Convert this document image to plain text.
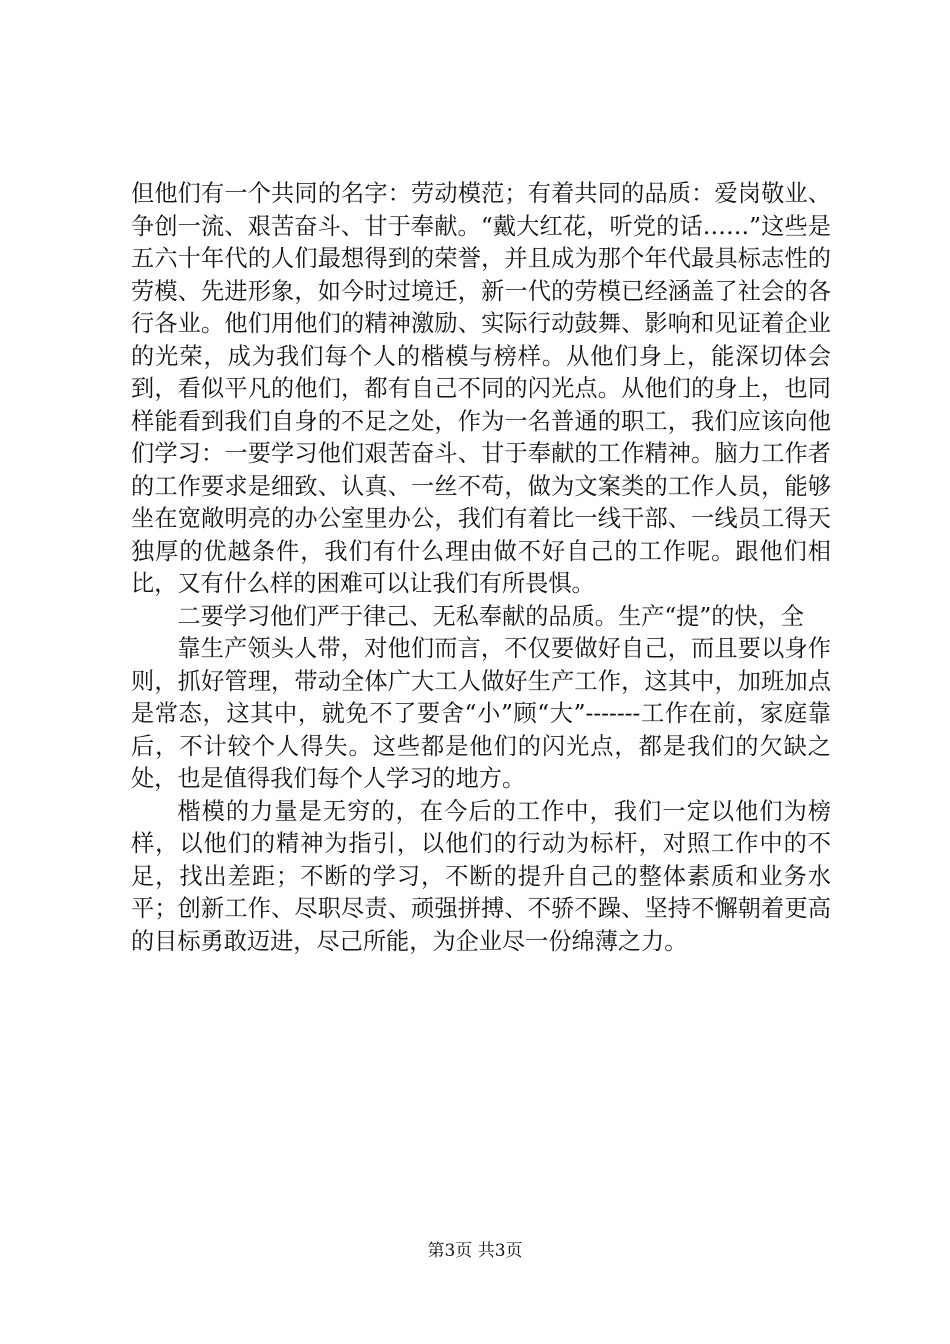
但他们有一个共同的名字：劳动模范；有着共同的品质：爱岗敬业、争创一流、艰苦奋斗、甘于奉献。“戴大红花，听党的话……”这些是五六十年代的人们最想得到的荣誉，并且成为那个年代最具标志性的劳模、先进形象，如今时过境迁，新一代的劳模已经涵盖了社会的各行各业。他们用他们的精神激励、实际行动鼓舞、影响和见证着企业的光荣，成为我们每个人的楷模与榜样。从他们身上，能深切体会到，看似平凡的他们，都有自己不同的闪光点。从他们的身上，也同样能看到我们自身的不足之处，作为一名普通的职工，我们应该向他们学习：一要学习他们艰苦奋斗、甘于奉献的工作精神。脑力工作者的工作要求是细致、认真、一丝不苟，做为文案类的工作人员，能够坐在宽敞明亮的办公室里办公，我们有着比一线干部、一线员工得天独厚的优越条件，我们有什么理由做不好自己的工作呢。跟他们相比，又有什么样的困难可以让我们有所畏惧。

二要学习他们严于律己、无私奉献的品质。生产“提”的快，全

靠生产领头人带，对他们而言，不仅要做好自己，而且要以身作则，抓好管理，带动全体广大工人做好生产工作，这其中，加班加点是常态，这其中，就免不了要舍“小”顾“大”-------工作在前，家庭靠后，不计较个人得失。这些都是他们的闪光点，都是我们的欠缺之处，也是值得我们每个人学习的地方。

楷模的力量是无穷的，在今后的工作中，我们一定以他们为榜样，以他们的精神为指引，以他们的行动为标杆，对照工作中的不足，找出差距；不断的学习，不断的提升自己的整体素质和业务水平；创新工作、尽职尽责、顽强拼搏、不骄不躁、坚持不懈朝着更高的目标勇敢迈进，尽己所能，为企业尽一份绵薄之力。

第3页 共3页
